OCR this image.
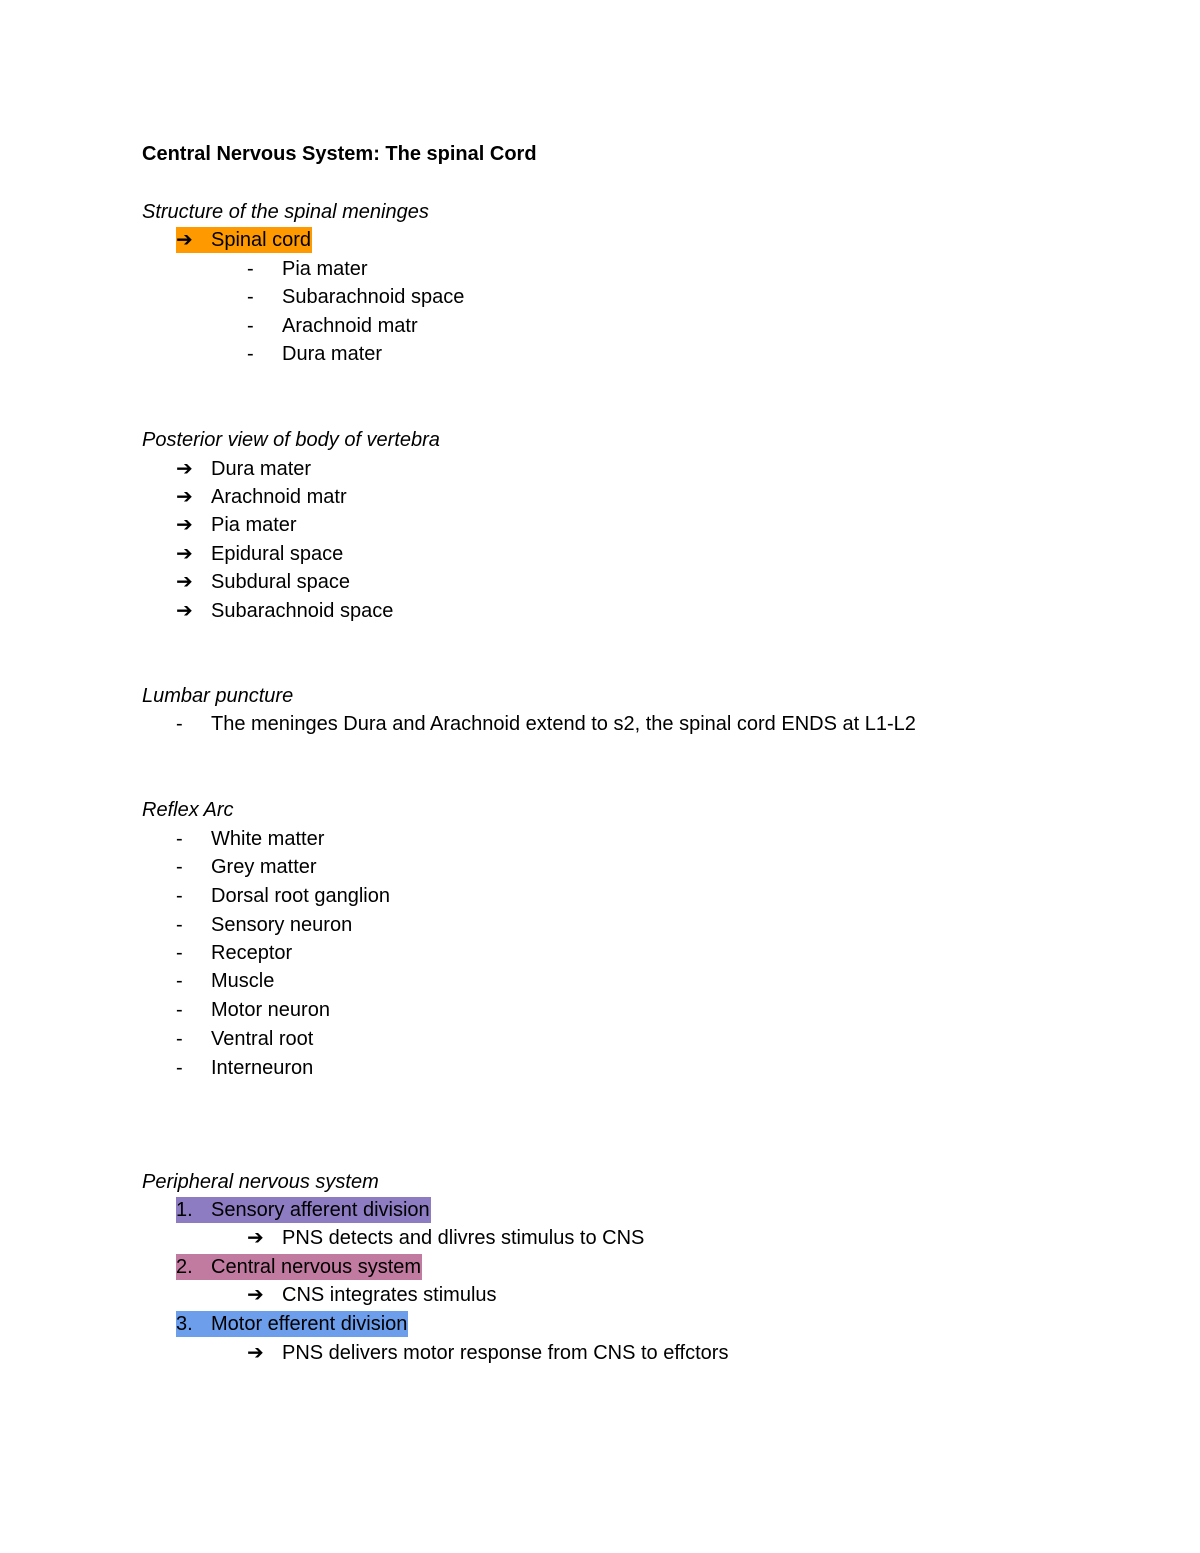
Central Nervous System: The spinal Cord
Structure of the spinal meninges
➔ Spinal cord
- Pia mater
- Subarachnoid space
- Arachnoid matr
- Dura mater
Posterior view of body of vertebra
➔ Dura mater
➔ Arachnoid matr
➔ Pia mater
➔ Epidural space
➔ Subdural space
➔ Subarachnoid space
Lumbar puncture
- The meninges Dura and Arachnoid extend to s2, the spinal cord ENDS at L1-L2
Reflex Arc
- White matter
- Grey matter
- Dorsal root ganglion
- Sensory neuron
- Receptor
- Muscle
- Motor neuron
- Ventral root
- Interneuron
Peripheral nervous system
1. Sensory afferent division
➔ PNS detects and dlivres stimulus to CNS
2. Central nervous system
➔ CNS integrates stimulus
3. Motor efferent division
➔ PNS delivers motor response from CNS to effctors
